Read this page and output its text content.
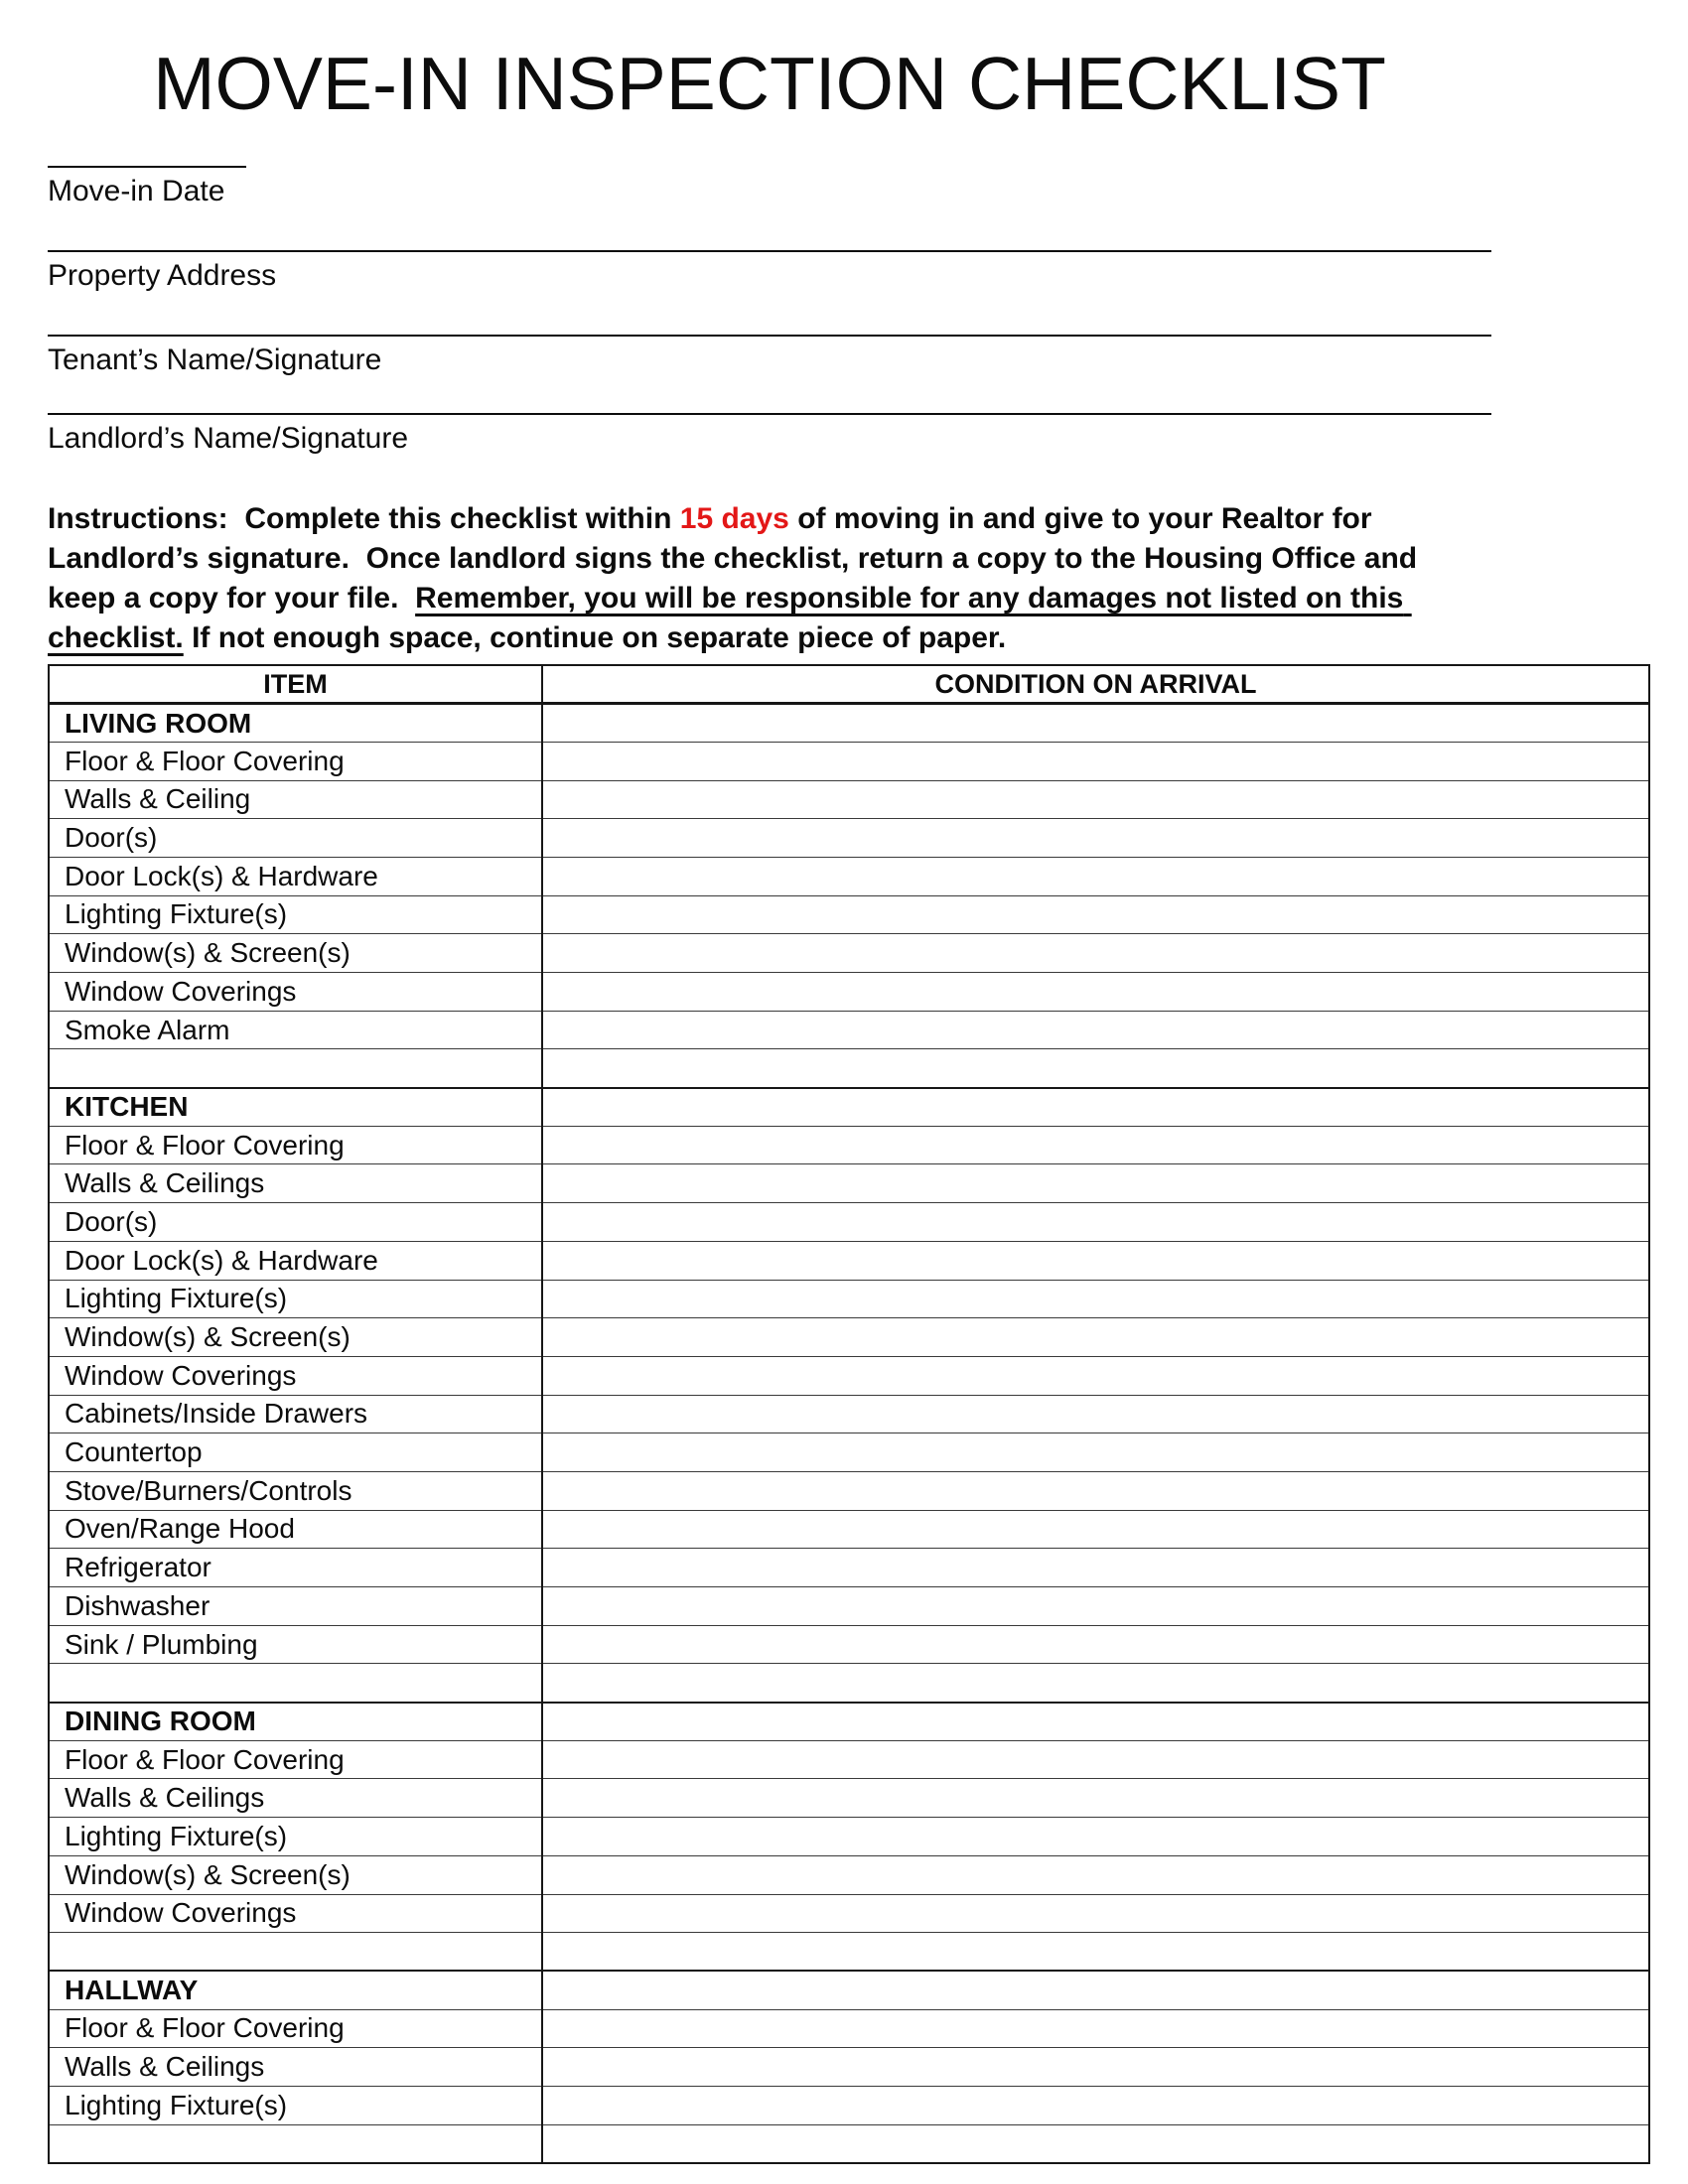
MOVE-IN INSPECTION CHECKLIST
Move-in Date
Property Address
Tenant’s Name/Signature
Landlord’s Name/Signature

Instructions:  Complete this checklist within 15 days of moving in and give to your Realtor for Landlord’s signature.  Once landlord signs the checklist, return a copy to the Housing Office and keep a copy for your file.  Remember, you will be responsible for any damages not listed on this checklist. If not enough space, continue on separate piece of paper.

ITEM	CONDITION ON ARRIVAL
LIVING ROOM	
Floor & Floor Covering	
Walls & Ceiling	
Door(s)	
Door Lock(s) & Hardware	
Lighting Fixture(s)	
Window(s) & Screen(s)	
Window Coverings	
Smoke Alarm	

KITCHEN	
Floor & Floor Covering	
Walls & Ceilings	
Door(s)	
Door Lock(s) & Hardware	
Lighting Fixture(s)	
Window(s) & Screen(s)	
Window Coverings	
Cabinets/Inside Drawers	
Countertop	
Stove/Burners/Controls	
Oven/Range Hood	
Refrigerator	
Dishwasher	
Sink / Plumbing	

DINING ROOM	
Floor & Floor Covering	
Walls & Ceilings	
Lighting Fixture(s)	
Window(s) & Screen(s)	
Window Coverings	

HALLWAY	
Floor & Floor Covering	
Walls & Ceilings	
Lighting Fixture(s)	
